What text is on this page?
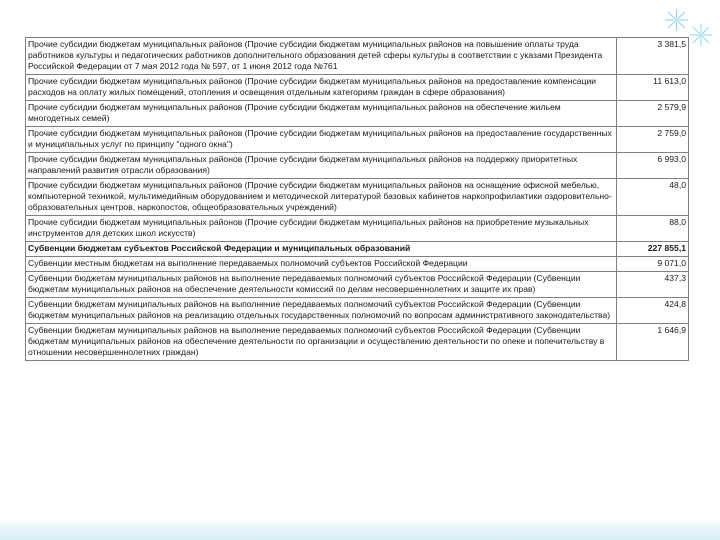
Прочие субсидии бюджетам муниципальных районов (Прочие субсидии бюджетам муниципальных районов на повышение оплаты труда работников культуры и педагогических работников дополнительного образования детей сферы культуры в соответствии с указами Президента Российской Федерации от 7 мая 2012 года № 597, от 1 июня 2012 года №761	3 381,5
Прочие субсидии бюджетам муниципальных районов (Прочие субсидии бюджетам муниципальных районов на предоставление компенсации расходов на оплату жилых помещений, отопления и освещения отдельным категориям граждан в сфере образования)	11 613,0
Прочие субсидии бюджетам муниципальных районов (Прочие субсидии бюджетам муниципальных районов на обеспечение жильем многодетных семей)	2 579,9
Прочие субсидии бюджетам муниципальных районов (Прочие субсидии бюджетам муниципальных районов на предоставление государственных и муниципальных услуг по принципу "одного окна")	2 759,0
Прочие субсидии бюджетам муниципальных районов (Прочие субсидии бюджетам муниципальных районов на поддержку приоритетных направлений развития отрасли образования)	6 993,0
Прочие субсидии бюджетам муниципальных районов (Прочие субсидии бюджетам муниципальных районов на оснащение офисной мебелью, компьютерной техникой, мультимедийным оборудованием и методической литературой базовых кабинетов наркопрофилактики оздоровительно-образовательных центров, наркопостов, общеобразовательных учреждений)	48,0
Прочие субсидии бюджетам муниципальных районов (Прочие субсидии бюджетам муниципальных районов на приобретение музыкальных инструментов для детских школ искусств)	88,0
Субвенции бюджетам субъектов Российской Федерации и муниципальных образований	227 855,1
Субвенции местным бюджетам на выполнение передаваемых полномочий субъектов Российской Федерации	9 071,0
Субвенции бюджетам муниципальных районов на выполнение передаваемых полномочий субъектов Российской Федерации (Субвенции бюджетам муниципальных районов на обеспечение деятельности комиссий по делам несовершеннолетних и защите их прав)	437,3
Субвенции бюджетам муниципальных районов на выполнение передаваемых полномочий субъектов Российской Федерации (Субвенции бюджетам муниципальных районов на реализацию отдельных государственных полномочий по вопросам административного законодательства)	424,8
Субвенции бюджетам муниципальных районов на выполнение передаваемых полномочий субъектов Российской Федерации (Субвенции бюджетам муниципальных районов на обеспечение деятельности по организации и осуществлению деятельности по опеке и попечительству в отношении несовершеннолетних граждан)	1 646,9
